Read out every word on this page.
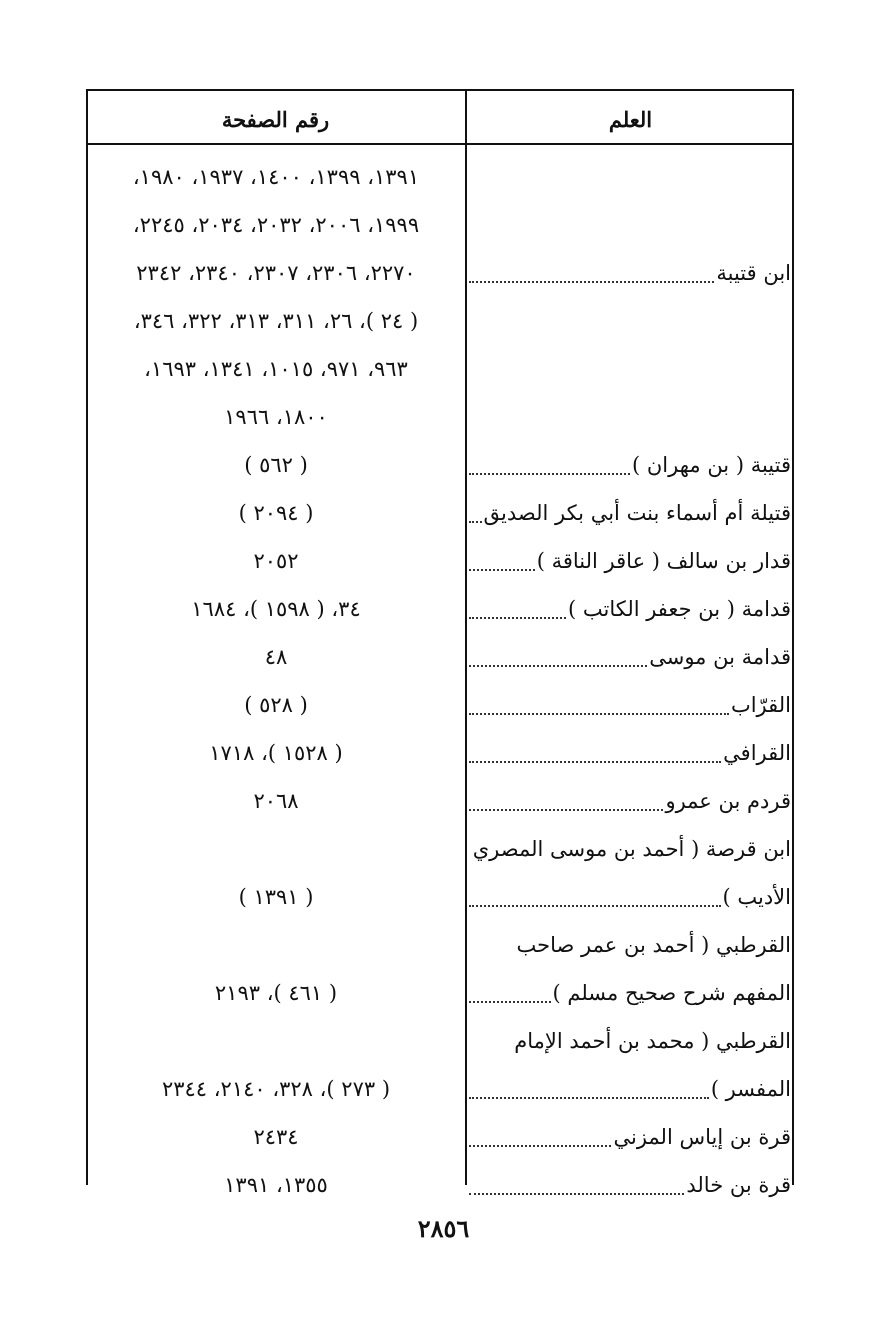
العلم
رقم الصفحة
ابن قتيبة
١٣٩١، ١٣٩٩، ١٤٠٠، ١٩٣٧، ١٩٨٠،
١٩٩٩، ٢٠٠٦، ٢٠٣٢، ٢٠٣٤، ٢٢٤٥،
٢٢٧٠، ٢٣٠٦، ٢٣٠٧، ٢٣٤٠، ٢٣٤٢
( ٢٤ )، ٢٦، ٣١١، ٣١٣، ٣٢٢، ٣٤٦،
٩٦٣، ٩٧١، ١٠١٥، ١٣٤١، ١٦٩٣،
١٨٠٠، ١٩٦٦
قتيبة ( بن مهران )
( ٥٦٢ )
قتيلة أم أسماء بنت أبي بكر الصديق
( ٢٠٩٤ )
قدار بن سالف ( عاقر الناقة )
٢٠٥٢
قدامة ( بن جعفر الكاتب )
٣٤، ( ١٥٩٨ )، ١٦٨٤
قدامة بن موسى
٤٨
القرّاب
( ٥٢٨ )
القرافي
( ١٥٢٨ )، ١٧١٨
قردم بن عمرو
٢٠٦٨
ابن قرصة ( أحمد بن موسى المصري
الأديب )
( ١٣٩١ )
القرطبي ( أحمد بن عمر صاحب
المفهم شرح صحيح مسلم )
( ٤٦١ )، ٢١٩٣
القرطبي ( محمد بن أحمد الإمام
المفسر )
( ٢٧٣ )، ٣٢٨، ٢١٤٠، ٢٣٤٤
قرة بن إياس المزني
٢٤٣٤
قرة بن خالد
١٣٥٥، ١٣٩١
٢٨٥٦
